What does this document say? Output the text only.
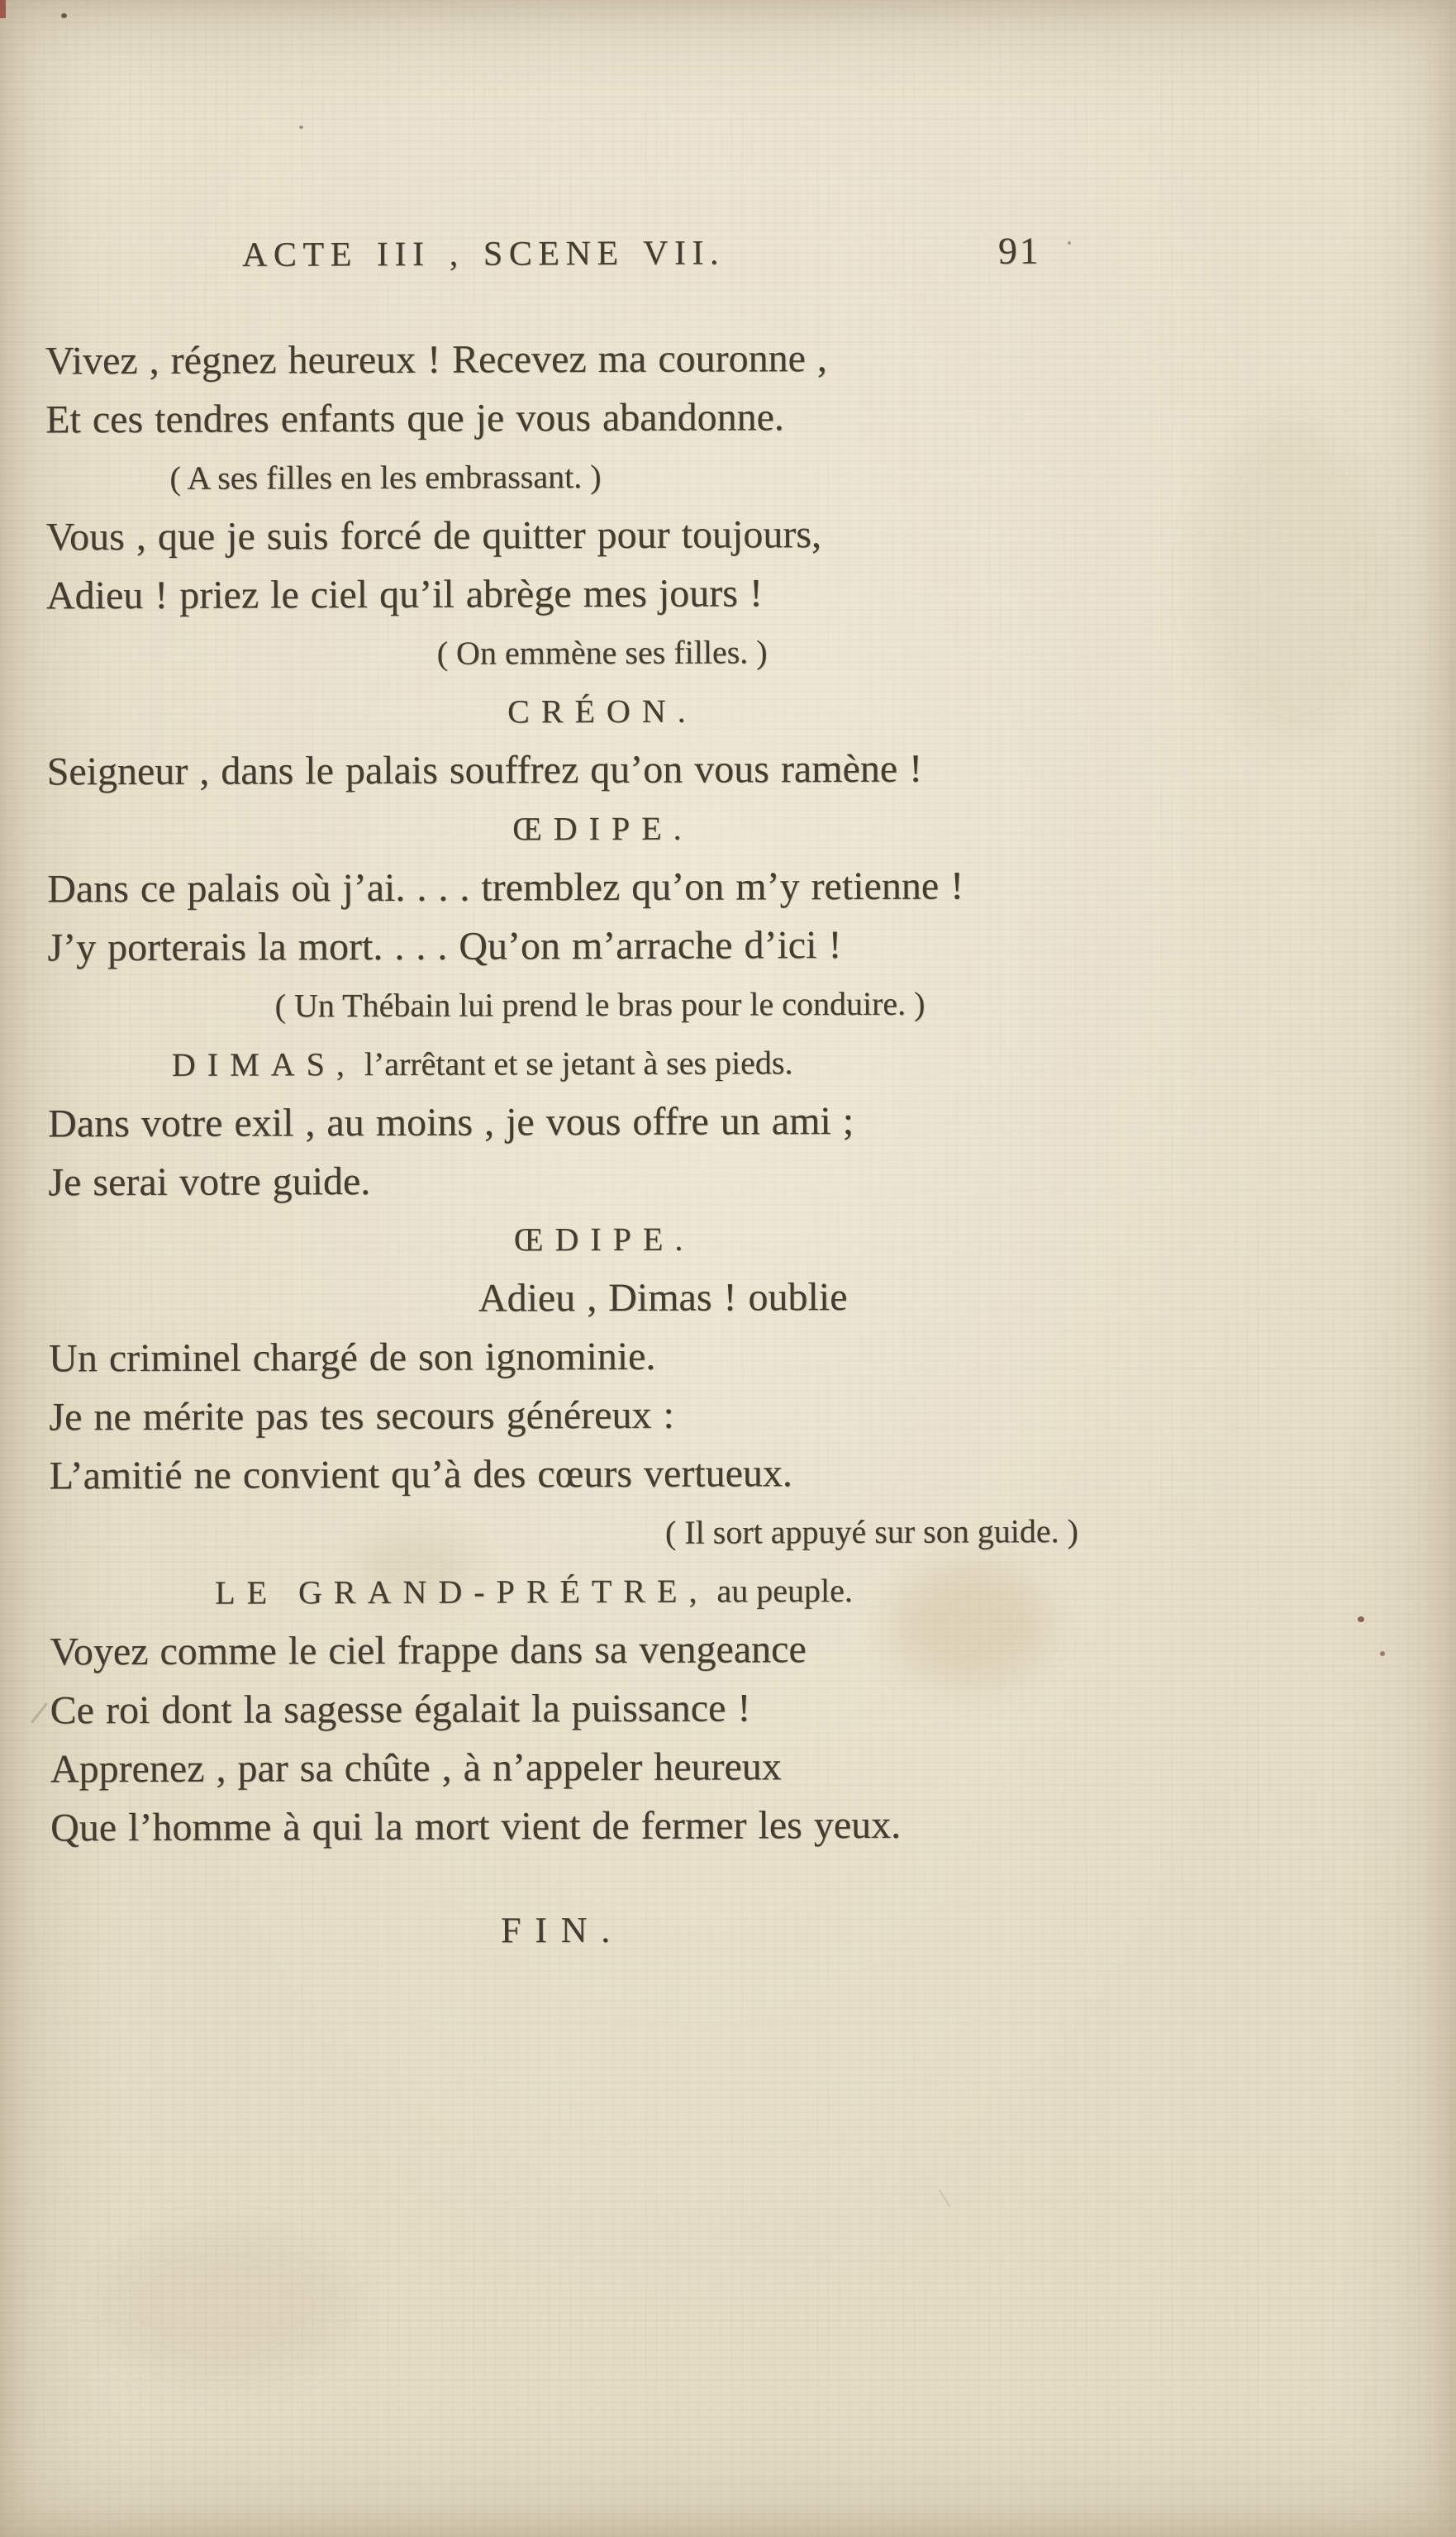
ACTE III , SCENE VII.	91
Vivez , régnez heureux ! Recevez ma couronne ,
Et ces tendres enfants que je vous abandonne.
( A ses filles en les embrassant. )
Vous , que je suis forcé de quitter pour toujours,
Adieu ! priez le ciel qu’il abrège mes jours !
( On emmène ses filles. )
CRÉON.
Seigneur , dans le palais souffrez qu’on vous ramène !
ŒDIPE.
Dans ce palais où j’ai. . . . tremblez qu’on m’y retienne !
J’y porterais la mort. . . . Qu’on m’arrache d’ici !
( Un Thébain lui prend le bras pour le conduire. )
DIMAS, l’arrêtant et se jetant à ses pieds.
Dans votre exil , au moins , je vous offre un ami ;
Je serai votre guide.
ŒDIPE.
Adieu , Dimas ! oublie
Un criminel chargé de son ignominie.
Je ne mérite pas tes secours généreux :
L’amitié ne convient qu’à des cœurs vertueux.
( Il sort appuyé sur son guide. )
LE GRAND-PRÉTRE, au peuple.
Voyez comme le ciel frappe dans sa vengeance
Ce roi dont la sagesse égalait la puissance !
Apprenez , par sa chûte , à n’appeler heureux
Que l’homme à qui la mort vient de fermer les yeux.
FIN.
